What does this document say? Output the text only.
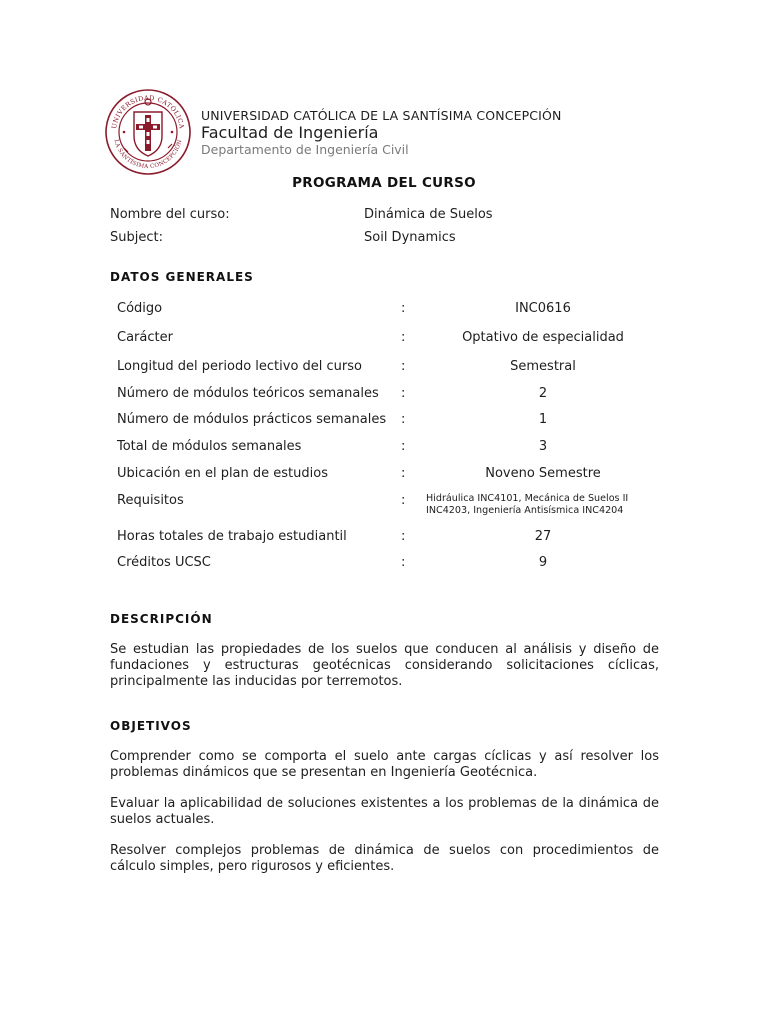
UNIVERSIDAD CATÓLICA
LA SANTÍSIMA CONCEPCIÓN
UNIVERSIDAD CATÓLICA DE LA SANTÍSIMA CONCEPCIÓN
Facultad de Ingeniería
Departamento de Ingeniería Civil
PROGRAMA DEL CURSO
Nombre del curso:	Dinámica de Suelos
Subject:	Soil Dynamics
DATOS GENERALES
Código	:	INC0616
Carácter	:	Optativo de especialidad
Longitud del periodo lectivo del curso	:	Semestral
Número de módulos teóricos semanales :	2
Número de módulos prácticos semanales :	1
Total de módulos semanales	:	3
Ubicación en el plan de estudios	:	Noveno Semestre
Requisitos	: Hidráulica INC4101, Mecánica de Suelos II
INC4203, Ingeniería Antisísmica INC4204
Horas totales de trabajo estudiantil	:	27
Créditos UCSC	:	9
DESCRIPCIÓN
Se estudian las propiedades de los suelos que conducen al análisis y diseño de fundaciones y estructuras geotécnicas considerando solicitaciones cíclicas, principalmente las inducidas por terremotos.
OBJETIVOS
Comprender como se comporta el suelo ante cargas cíclicas y así resolver los problemas dinámicos que se presentan en Ingeniería Geotécnica.
Evaluar la aplicabilidad de soluciones existentes a los problemas de la dinámica de suelos actuales.
Resolver complejos problemas de dinámica de suelos con procedimientos de cálculo simples, pero rigurosos y eficientes.
